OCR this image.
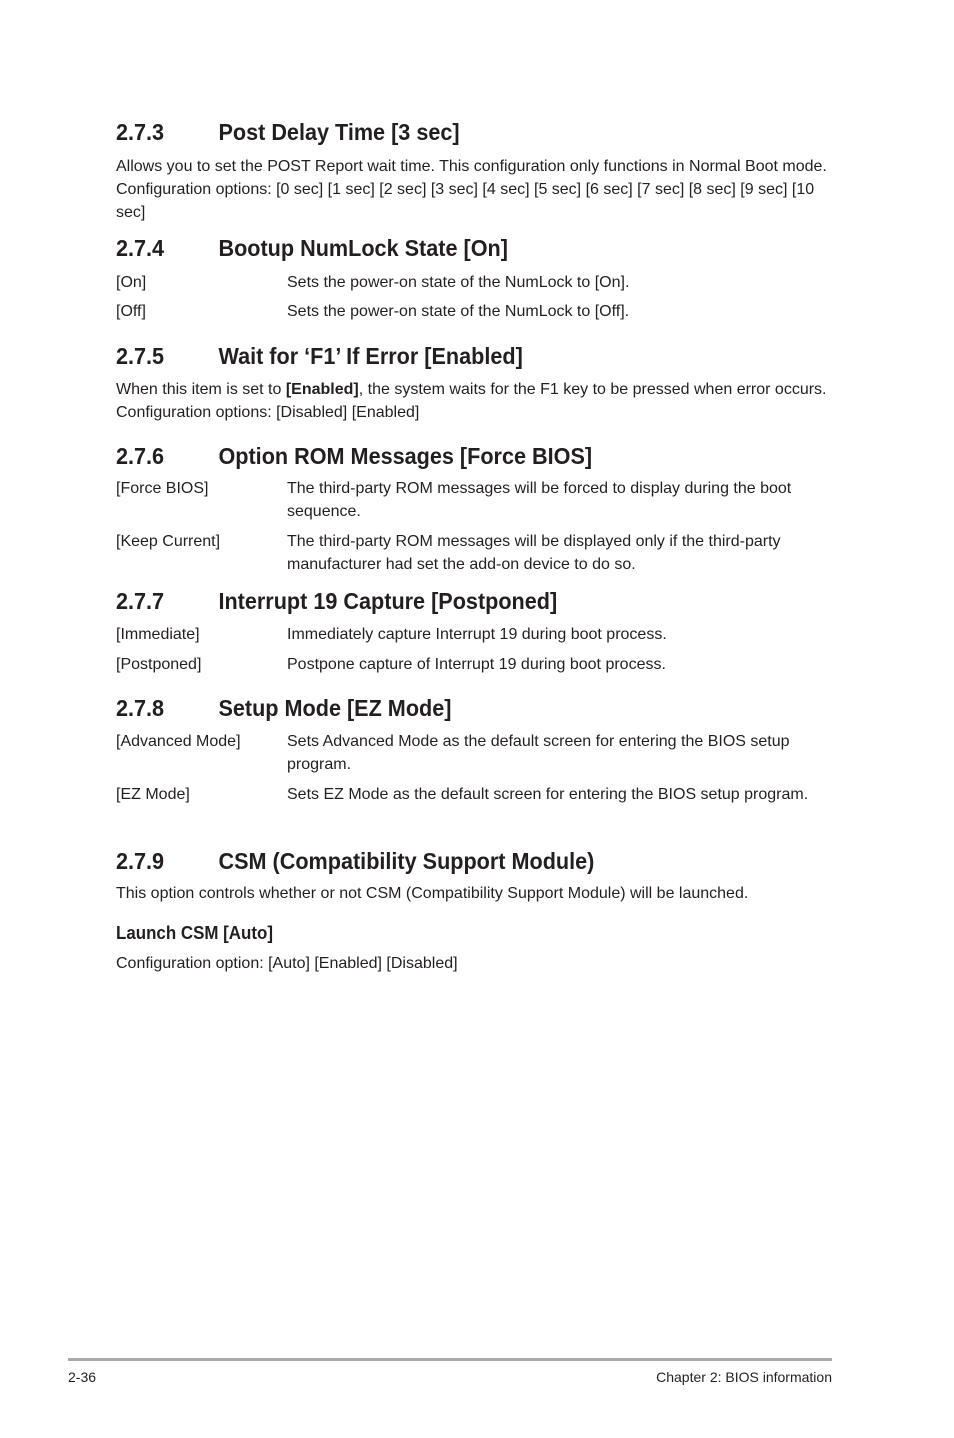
2.7.3 Post Delay Time [3 sec]

Allows you to set the POST Report wait time. This configuration only functions in Normal Boot mode. Configuration options: [0 sec] [1 sec] [2 sec] [3 sec] [4 sec] [5 sec] [6 sec] [7 sec] [8 sec] [9 sec] [10 sec]

2.7.4 Bootup NumLock State [On]
[On]	Sets the power-on state of the NumLock to [On].
[Off]	Sets the power-on state of the NumLock to [Off].
2.7.5 Wait for ‘F1’ If Error [Enabled]

When this item is set to [Enabled], the system waits for the F1 key to be pressed when error occurs. Configuration options: [Disabled] [Enabled]

2.7.6 Option ROM Messages [Force BIOS]
[Force BIOS]	The third-party ROM messages will be forced to display during the boot sequence.
[Keep Current]	The third-party ROM messages will be displayed only if the third-party manufacturer had set the add-on device to do so.
2.7.7 Interrupt 19 Capture [Postponed]
[Immediate]	Immediately capture Interrupt 19 during boot process.
[Postponed]	Postpone capture of Interrupt 19 during boot process.
2.7.8 Setup Mode [EZ Mode]
[Advanced Mode]	Sets Advanced Mode as the default screen for entering the BIOS setup program.
[EZ Mode]	Sets EZ Mode as the default screen for entering the BIOS setup program.
2.7.9 CSM (Compatibility Support Module)

This option controls whether or not CSM (Compatibility Support Module) will be launched.

Launch CSM [Auto]

Configuration option: [Auto] [Enabled] [Disabled]

2-36	Chapter 2: BIOS information
